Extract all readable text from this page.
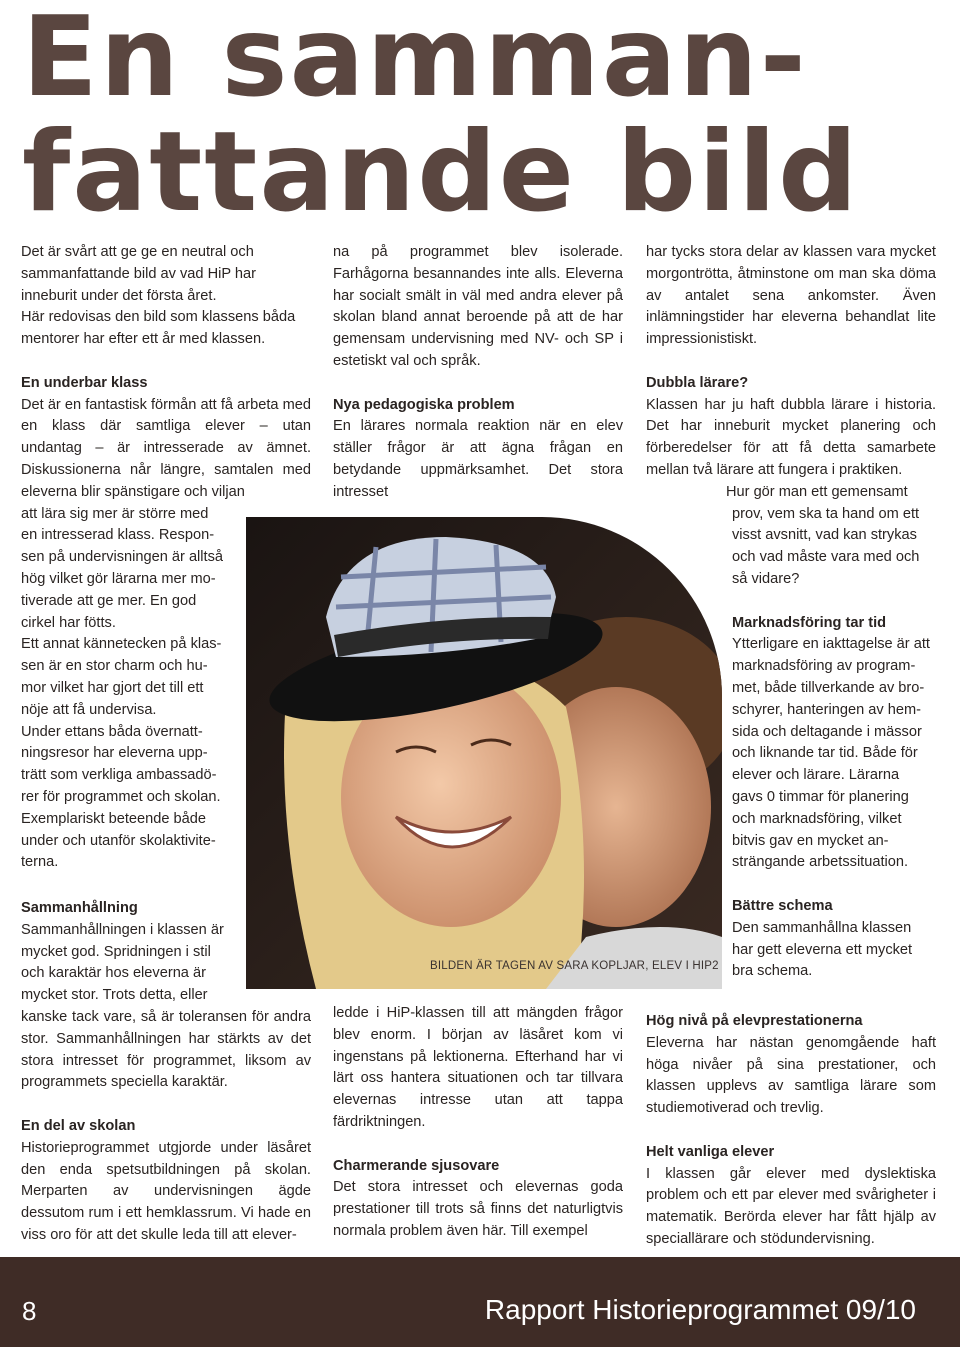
En samman-
fattande bild

Det är svårt att ge ge en neutral och sammanfattande bild av vad HiP har inneburit under det första året.

Här redovisas den bild som klassens båda mentorer har efter ett år med klassen.

En underbar klass

Det är en fantastisk förmån att få arbeta med en klass där samtliga elever – utan undantag – är intresserade av ämnet. Diskussionerna når längre, samtalen med eleverna blir spänstigare och viljan

att lära sig mer är större med

en intresserad klass. Respon-

sen på undervisningen är alltså

hög vilket gör lärarna mer mo-

tiverade att ge mer. En god

cirkel har fötts.

Ett annat kännetecken på klas-

sen är en stor charm och hu-

mor vilket har gjort det till ett

nöje att få undervisa.

Under ettans båda övernatt-

ningsresor har eleverna upp-

trätt som verkliga ambassadö-

rer för programmet och skolan.

Exemplariskt beteende både

under och utanför skolaktivite-

terna.

Sammanhållning

Sammanhållningen i klassen är

mycket god. Spridningen i stil

och karaktär hos eleverna är

mycket stor. Trots detta, eller

kanske tack vare, så är toleransen för andra stor. Sammanhållningen har stärkts av det stora intresset för programmet, liksom av programmets speciella karaktär.

En del av skolan

Historieprogrammet utgjorde under läsåret den enda spetsutbildningen på skolan. Merparten av undervisningen ägde dessutom rum i ett hemklassrum. Vi hade en viss oro för att det skulle leda till att elever-

na på programmet blev isolerade. Farhågorna besannandes inte alls. Eleverna har socialt smält in väl med andra elever på skolan bland annat beroende på att de har gemensam undervisning med NV- och SP i estetiskt val och språk.

Nya pedagogiska problem

En lärares normala reaktion när en elev ställer frågor är att ägna frågan en betydande uppmärksamhet. Det stora intresset

ledde i HiP-klassen till att mängden frågor blev enorm. I början av läsåret kom vi ingenstans på lektionerna. Efterhand har vi lärt oss hantera situationen och tar tillvara elevernas intresse utan att tappa färdriktningen.

Charmerande sjusovare

Det stora intresset och elevernas goda prestationer till trots så finns det naturligtvis normala problem även här. Till exempel

har tycks stora delar av klassen vara mycket morgontrötta, åtminstone om man ska döma av antalet sena ankomster. Även inlämningstider har eleverna behandlat lite impressionistiskt.

Dubbla lärare?

Klassen har ju haft dubbla lärare i historia. Det har inneburit mycket planering och förberedelser för att få detta samarbete mellan två lärare att fungera i praktiken.

Hur gör man ett gemensamt

prov, vem ska ta hand om ett

visst avsnitt, vad kan strykas

och vad måste vara med och

så vidare?

Marknadsföring tar tid

Ytterligare en iakttagelse är att

marknadsföring av program-

met, både tillverkande av bro-

schyrer, hanteringen av hem-

sida och deltagande i mässor

och liknande tar tid. Både för

elever och lärare. Lärarna

gavs 0 timmar för planering

och marknadsföring, vilket

bitvis gav en mycket an-

strängande arbetssituation.

Bättre schema

Den sammanhållna klassen

har gett eleverna ett mycket

bra schema.

Hög nivå på elevprestationerna

Eleverna har nästan genomgående haft höga nivåer på sina prestationer, och klassen upplevs av samtliga lärare som studiemotiverad och trevlig.

Helt vanliga elever

I klassen går elever med dyslektiska problem och ett par elever med svårigheter i matematik. Berörda elever har fått hjälp av speciallärare och stödundervisning.

BILDEN ÄR TAGEN AV SARA KOPLJAR, ELEV I HIP2
8	Rapport Historieprogrammet 09/10
